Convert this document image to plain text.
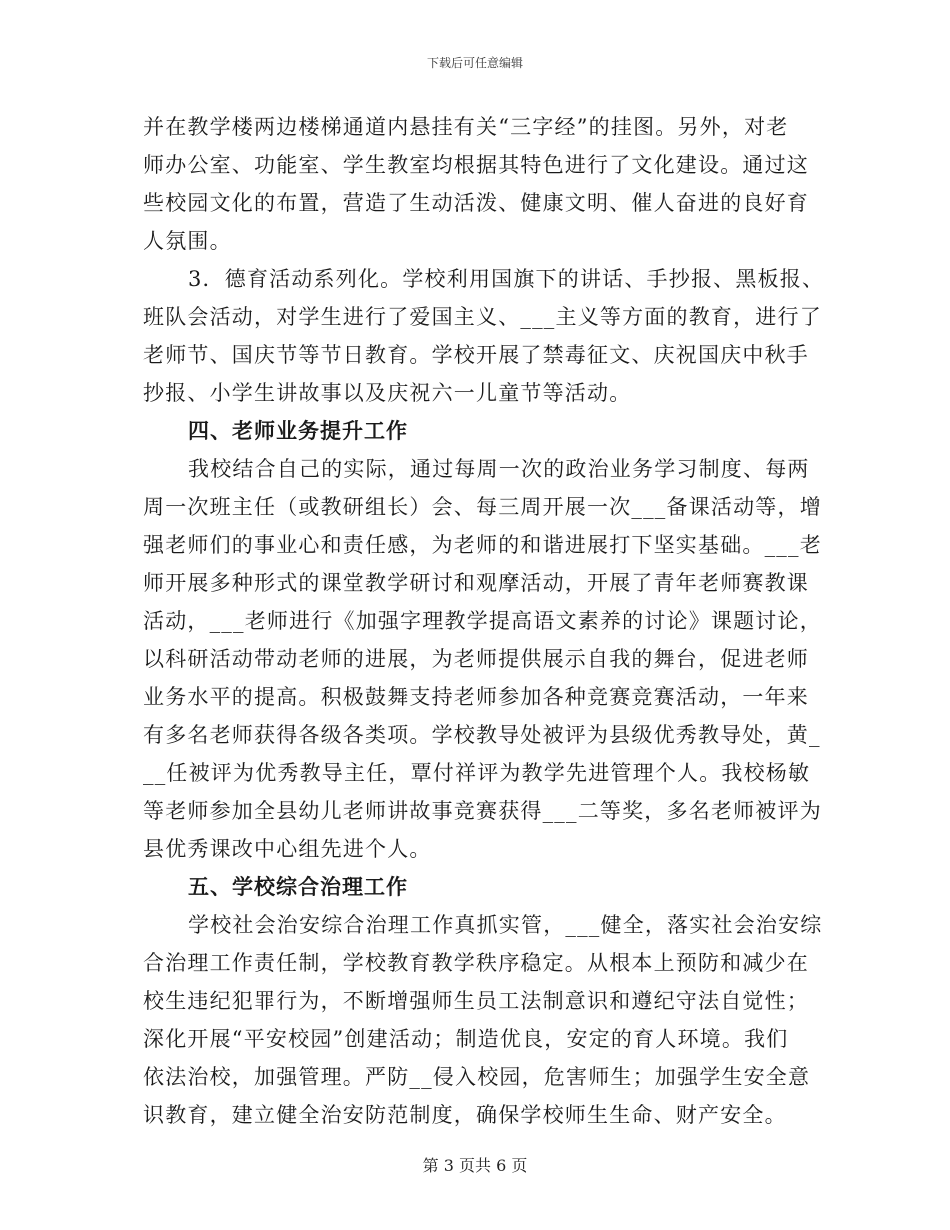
下载后可任意编辑
并在教学楼两边楼梯通道内悬挂有关“三字经”的挂图。另外，对老
师办公室、功能室、学生教室均根据其特色进行了文化建设。通过这
些校园文化的布置，营造了生动活泼、健康文明、催人奋进的良好育
人氛围。
3．德育活动系列化。学校利用国旗下的讲话、手抄报、黑板报、
班队会活动，对学生进行了爱国主义、___主义等方面的教育，进行了
老师节、国庆节等节日教育。学校开展了禁毒征文、庆祝国庆中秋手
抄报、小学生讲故事以及庆祝六一儿童节等活动。
四、老师业务提升工作
我校结合自己的实际，通过每周一次的政治业务学习制度、每两
周一次班主任（或教研组长）会、每三周开展一次___备课活动等，增
强老师们的事业心和责任感，为老师的和谐进展打下坚实基础。___老
师开展多种形式的课堂教学研讨和观摩活动，开展了青年老师赛教课
活动，___老师进行《加强字理教学提高语文素养的讨论》课题讨论，
以科研活动带动老师的进展，为老师提供展示自我的舞台，促进老师
业务水平的提高。积极鼓舞支持老师参加各种竞赛竞赛活动，一年来
有多名老师获得各级各类项。学校教导处被评为县级优秀教导处，黄_
__任被评为优秀教导主任，覃付祥评为教学先进管理个人。我校杨敏
等老师参加全县幼儿老师讲故事竞赛获得___二等奖，多名老师被评为
县优秀课改中心组先进个人。
五、学校综合治理工作
学校社会治安综合治理工作真抓实管，___健全，落实社会治安综
合治理工作责任制，学校教育教学秩序稳定。从根本上预防和减少在
校生违纪犯罪行为，不断增强师生员工法制意识和遵纪守法自觉性；
深化开展“平安校园”创建活动；制造优良，安定的育人环境。我们
依法治校，加强管理。严防__侵入校园，危害师生；加强学生安全意
识教育，建立健全治安防范制度，确保学校师生生命、财产安全。
第 3 页共 6 页
